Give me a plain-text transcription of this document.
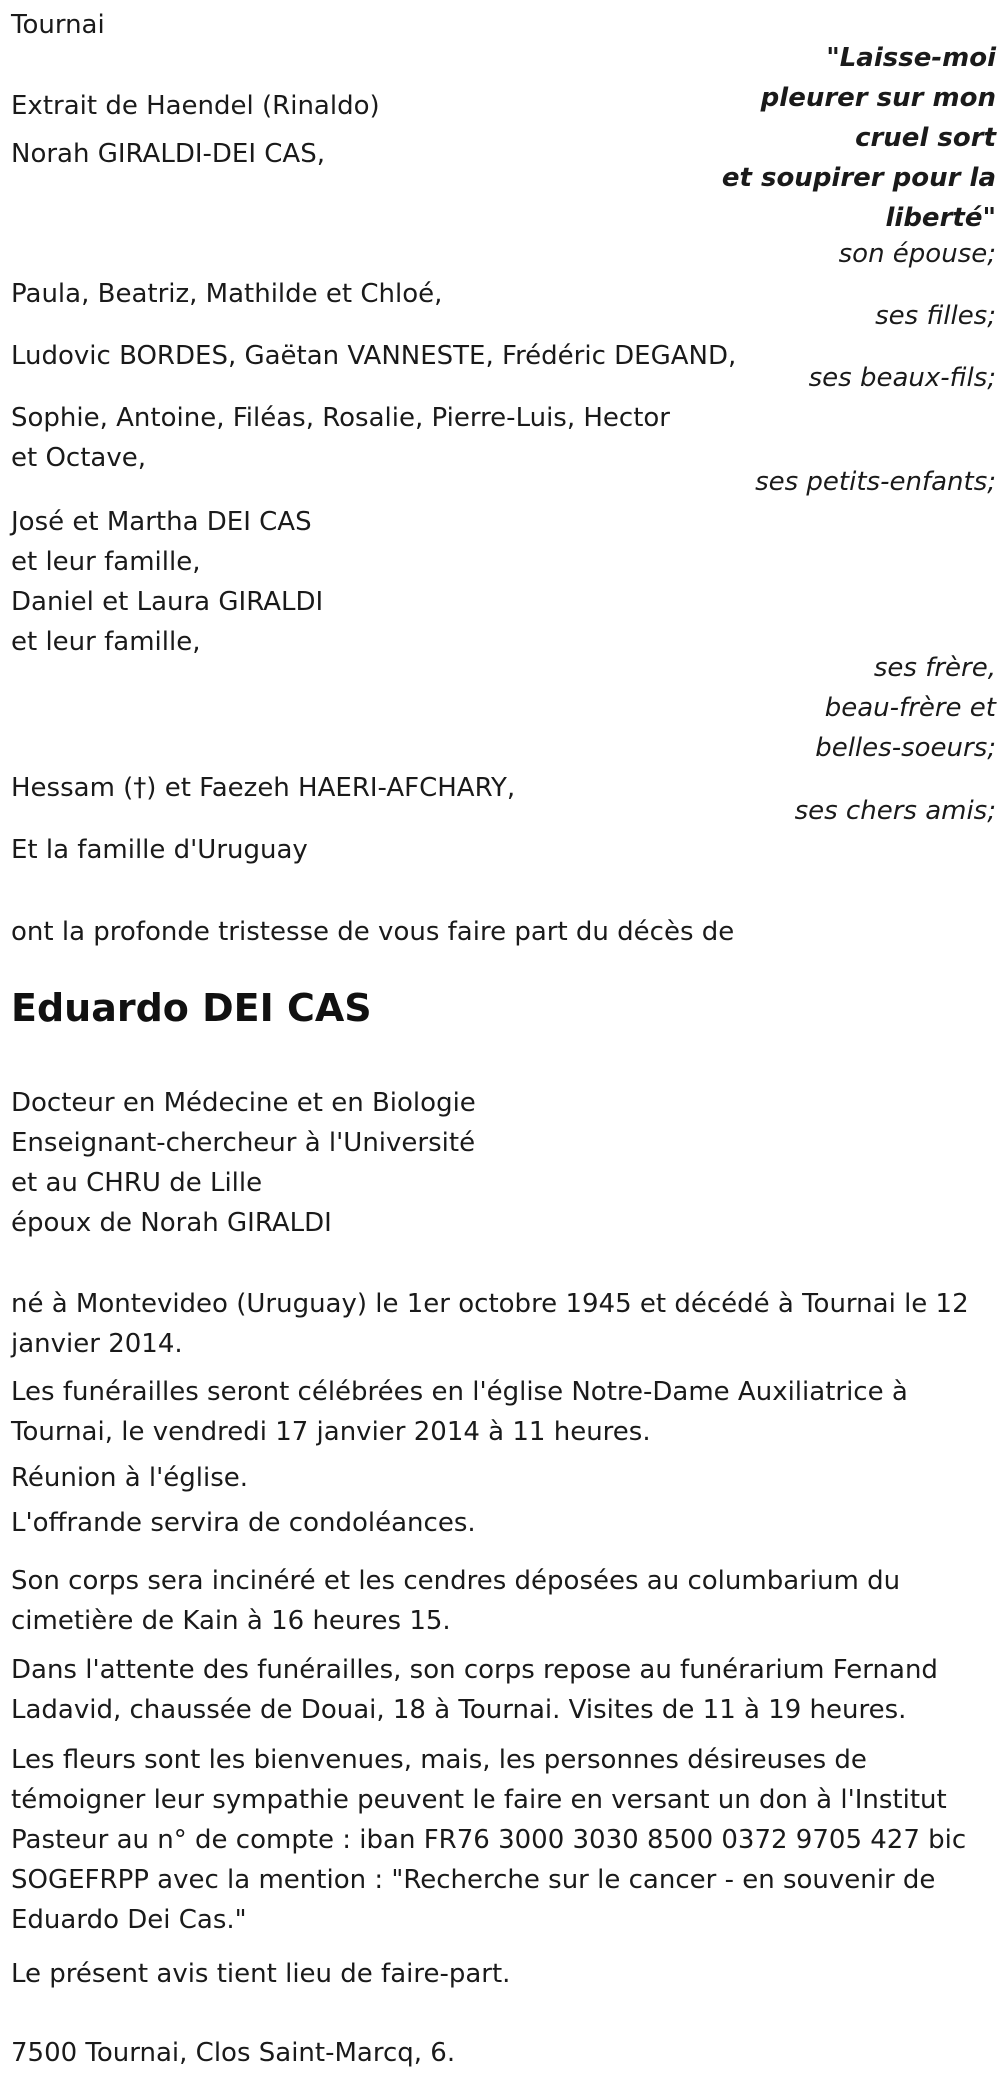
Tournai

"Laisse-moi
pleurer sur mon
cruel sort
et soupirer pour la
liberté"

Extrait de Haendel (Rinaldo)

Norah GIRALDI-DEI CAS,

son épouse;

Paula, Beatriz, Mathilde et Chloé,

ses filles;

Ludovic BORDES, Gaëtan VANNESTE, Frédéric DEGAND,

ses beaux-fils;

Sophie, Antoine, Filéas, Rosalie, Pierre-Luis, Hector
et Octave,

ses petits-enfants;

José et Martha DEI CAS
et leur famille,
Daniel et Laura GIRALDI
et leur famille,

ses frère,
beau-frère et
belles-soeurs;

Hessam (†) et Faezeh HAERI-AFCHARY,

ses chers amis;

Et la famille d'Uruguay

ont la profonde tristesse de vous faire part du décès de

Eduardo DEI CAS

Docteur en Médecine et en Biologie
Enseignant-chercheur à l'Université
et au CHRU de Lille
époux de Norah GIRALDI

né à Montevideo (Uruguay) le 1er octobre 1945 et décédé à Tournai le 12 janvier 2014.

Les funérailles seront célébrées en l'église Notre-Dame Auxiliatrice à Tournai, le vendredi 17 janvier 2014 à 11 heures.

Réunion à l'église.

L'offrande servira de condoléances.

Son corps sera incinéré et les cendres déposées au columbarium du cimetière de Kain à 16 heures 15.

Dans l'attente des funérailles, son corps repose au funérarium Fernand Ladavid, chaussée de Douai, 18 à Tournai. Visites de 11 à 19 heures.

Les fleurs sont les bienvenues, mais, les personnes désireuses de témoigner leur sympathie peuvent le faire en versant un don à l'Institut Pasteur au n° de compte : iban FR76 3000 3030 8500 0372 9705 427 bic SOGEFRPP avec la mention : "Recherche sur le cancer - en souvenir de Eduardo Dei Cas."

Le présent avis tient lieu de faire-part.

7500 Tournai, Clos Saint-Marcq, 6.
